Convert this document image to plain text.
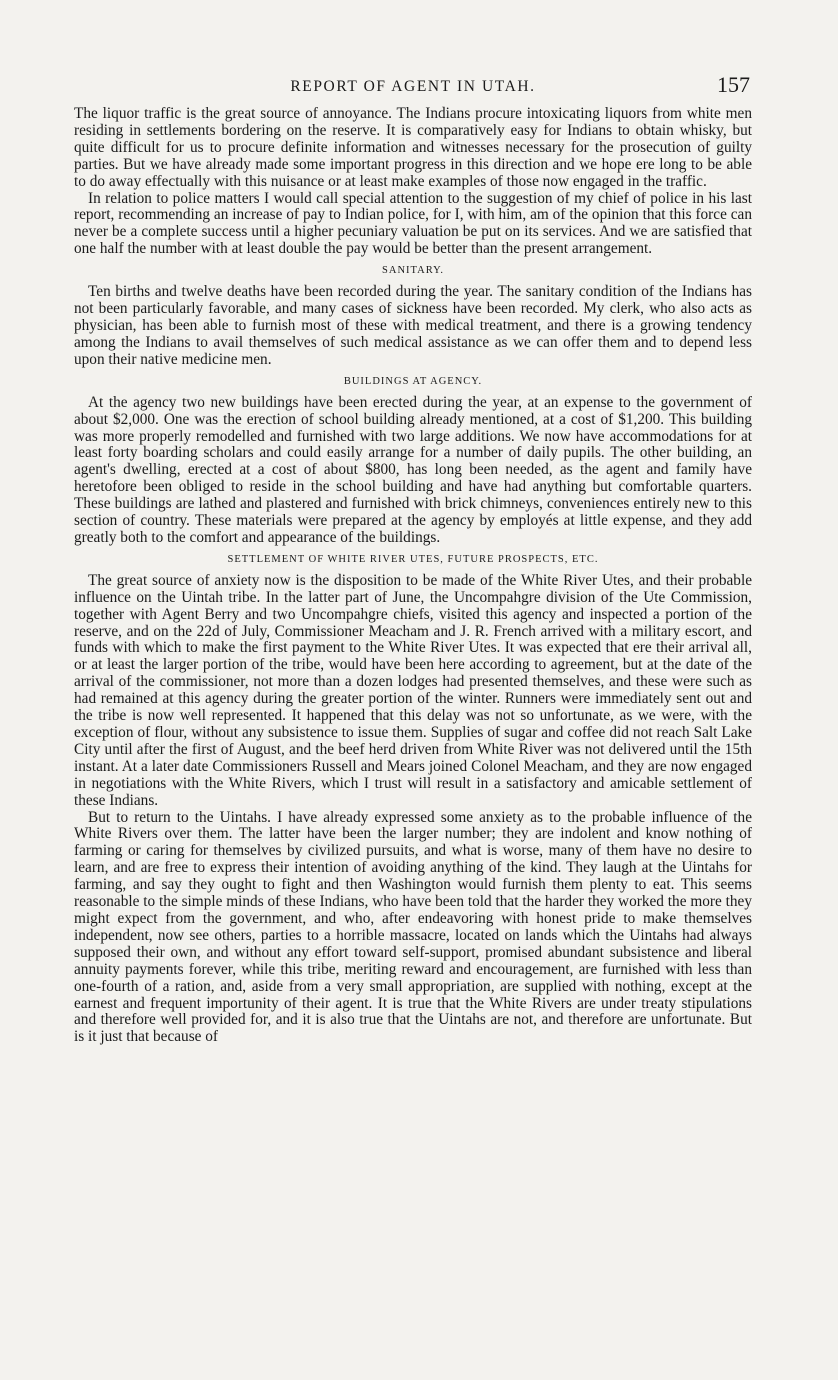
REPORT OF AGENT IN UTAH.	157

The liquor traffic is the great source of annoyance. The Indians procure intoxicating liquors from white men residing in settlements bordering on the reserve. It is comparatively easy for Indians to obtain whisky, but quite difficult for us to procure definite information and witnesses necessary for the prosecution of guilty parties. But we have already made some important progress in this direction and we hope ere long to be able to do away effectually with this nuisance or at least make examples of those now engaged in the traffic.

In relation to police matters I would call special attention to the suggestion of my chief of police in his last report, recommending an increase of pay to Indian police, for I, with him, am of the opinion that this force can never be a complete success until a higher pecuniary valuation be put on its services. And we are satisfied that one half the number with at least double the pay would be better than the present arrangement.

SANITARY.

Ten births and twelve deaths have been recorded during the year. The sanitary condition of the Indians has not been particularly favorable, and many cases of sickness have been recorded. My clerk, who also acts as physician, has been able to furnish most of these with medical treatment, and there is a growing tendency among the Indians to avail themselves of such medical assistance as we can offer them and to depend less upon their native medicine men.

BUILDINGS AT AGENCY.

At the agency two new buildings have been erected during the year, at an expense to the government of about $2,000. One was the erection of school building already mentioned, at a cost of $1,200. This building was more properly remodelled and furnished with two large additions. We now have accommodations for at least forty boarding scholars and could easily arrange for a number of daily pupils. The other building, an agent's dwelling, erected at a cost of about $800, has long been needed, as the agent and family have heretofore been obliged to reside in the school building and have had anything but comfortable quarters. These buildings are lathed and plastered and furnished with brick chimneys, conveniences entirely new to this section of country. These materials were prepared at the agency by employés at little expense, and they add greatly both to the comfort and appearance of the buildings.

SETTLEMENT OF WHITE RIVER UTES, FUTURE PROSPECTS, ETC.

The great source of anxiety now is the disposition to be made of the White River Utes, and their probable influence on the Uintah tribe. In the latter part of June, the Uncompahgre division of the Ute Commission, together with Agent Berry and two Uncompahgre chiefs, visited this agency and inspected a portion of the reserve, and on the 22d of July, Commissioner Meacham and J. R. French arrived with a military escort, and funds with which to make the first payment to the White River Utes. It was expected that ere their arrival all, or at least the larger portion of the tribe, would have been here according to agreement, but at the date of the arrival of the commissioner, not more than a dozen lodges had presented themselves, and these were such as had remained at this agency during the greater portion of the winter. Runners were immediately sent out and the tribe is now well represented. It happened that this delay was not so unfortunate, as we were, with the exception of flour, without any subsistence to issue them. Supplies of sugar and coffee did not reach Salt Lake City until after the first of August, and the beef herd driven from White River was not delivered until the 15th instant. At a later date Commissioners Russell and Mears joined Colonel Meacham, and they are now engaged in negotiations with the White Rivers, which I trust will result in a satisfactory and amicable settlement of these Indians.

But to return to the Uintahs. I have already expressed some anxiety as to the probable influence of the White Rivers over them. The latter have been the larger number; they are indolent and know nothing of farming or caring for themselves by civilized pursuits, and what is worse, many of them have no desire to learn, and are free to express their intention of avoiding anything of the kind. They laugh at the Uintahs for farming, and say they ought to fight and then Washington would furnish them plenty to eat. This seems reasonable to the simple minds of these Indians, who have been told that the harder they worked the more they might expect from the government, and who, after endeavoring with honest pride to make themselves independent, now see others, parties to a horrible massacre, located on lands which the Uintahs had always supposed their own, and without any effort toward self-support, promised abundant subsistence and liberal annuity payments forever, while this tribe, meriting reward and encouragement, are furnished with less than one-fourth of a ration, and, aside from a very small appropriation, are supplied with nothing, except at the earnest and frequent importunity of their agent. It is true that the White Rivers are under treaty stipulations and therefore well provided for, and it is also true that the Uintahs are not, and therefore are unfortunate. But is it just that because of
